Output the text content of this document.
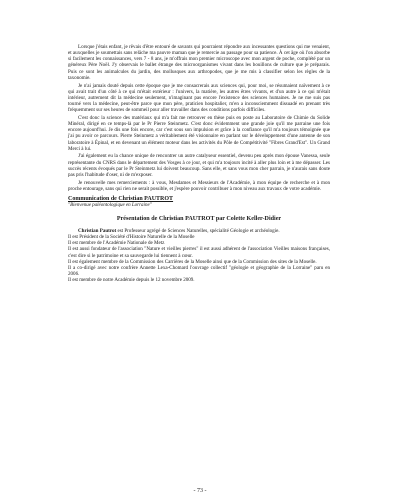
Lorsque j'étais enfant, je rêvais d'être entouré de savants qui pourraient répondre aux incessantes questions qui me venaient, et auxquelles je soumettais sans relâche ma pauvre maman que je remercie au passage pour sa patience. À cet âge où l'on absorbe si facilement les connaissances, vers 7 - 8 ans, je m'offrais mon premier microscope avec mon argent de poche, complété par un généreux Père Noël. J'y observais le ballet étrange des microorganismes vivant dans les bouillons de culture que je préparais. Puis ce sont les animalcules du jardin, des mollusques aux arthropodes, que je me mis à classifier selon les règles de la taxonomie.

Je n'ai jamais douté depuis cette époque que je me consacrerais aux sciences qui, pour moi, se résumaient naïvement à ce qui avait trait d'un côté à ce qui m'était extérieur : l'univers, la matière, les autres êtres vivants, et d'un autre à ce qui m'était intérieur, autrement dit la médecine seulement, n'imaginant pas encore l'existence des sciences humaines. Je ne me suis pas tourné vers la médecine, peut-être parce que mon père, praticien hospitalier, m'en a inconsciemment dissuadé en prenant très fréquemment sur ses heures de sommeil pour aller travailler dans des conditions parfois difficiles.

C'est donc la science des matériaux qui m'a fait me retrouver en thèse puis en poste au Laboratoire de Chimie du Solide Minéral, dirigé en ce temps-là par le Pr Pierre Steinmetz. C'est donc évidemment une grande joie qu'il me parraine une fois encore aujourd'hui. Je dis une fois encore, car c'est sous son impulsion et grâce à la confiance qu'il m'a toujours témoignée que j'ai pu avoir ce parcours. Pierre Steinmetz a véritablement été visionnaire en parlant sur le développement d'une antenne de son laboratoire à Épinal, et en devenant un élément moteur dans les activités du Pôle de Compétitivité "Fibres Grand'Est". Un Grand Merci à lui.

J'ai également eu la chance unique de rencontrer un autre catalyseur essentiel, devenu peu après mon épouse Vanessa, seule représentante du CNRS dans le département des Vosges à ce jour, et qui m'a toujours incité à aller plus loin et à me dépasser. Les succès récents évoqués par le Pr Steinmetz lui doivent beaucoup. Sans elle, et sans vous mon cher parrain, je n'aurais sans doute pas pris l'habitude d'oser, ni de m'exposer.

Je renouvelle mes remerciements : à vous, Mesdames et Messieurs de l'Académie, à mon équipe de recherche et à mon proche entourage, sans qui rien ne serait possible, et j'espère pouvoir contribuer à mon niveau aux travaux de votre académie.

Communication de Christian PAUTROT
"Bienvenue paléontologique en Lorraine"
Présentation de Christian PAUTROT par Colette Keller-Didier

Christian Pautrot est Professeur agrégé de Sciences Naturelles, spécialité Géologie et archéologie.

Il est Président de la Société d'Histoire Naturelle de la Moselle

Il est membre de l'Académie Nationale de Metz

Il est aussi fondateur de l'association "Nature et vieilles pierres" il est aussi adhérent de l'association Vieilles maisons françaises, c'est dire si le patrimoine et sa sauvegarde lui tiennent à cœur.

Il est également membre de la Commission des Carrières de la Moselle ainsi que de la Commission des sites de la Moselle.

Il a co-dirigé avec notre confrère Annette Lexa-Chomard l'ouvrage collectif "géologie et géographie de la Lorraine" paru en 2006.

Il est membre de notre Académie depuis le 12 novembre 2009.

- 73 -
